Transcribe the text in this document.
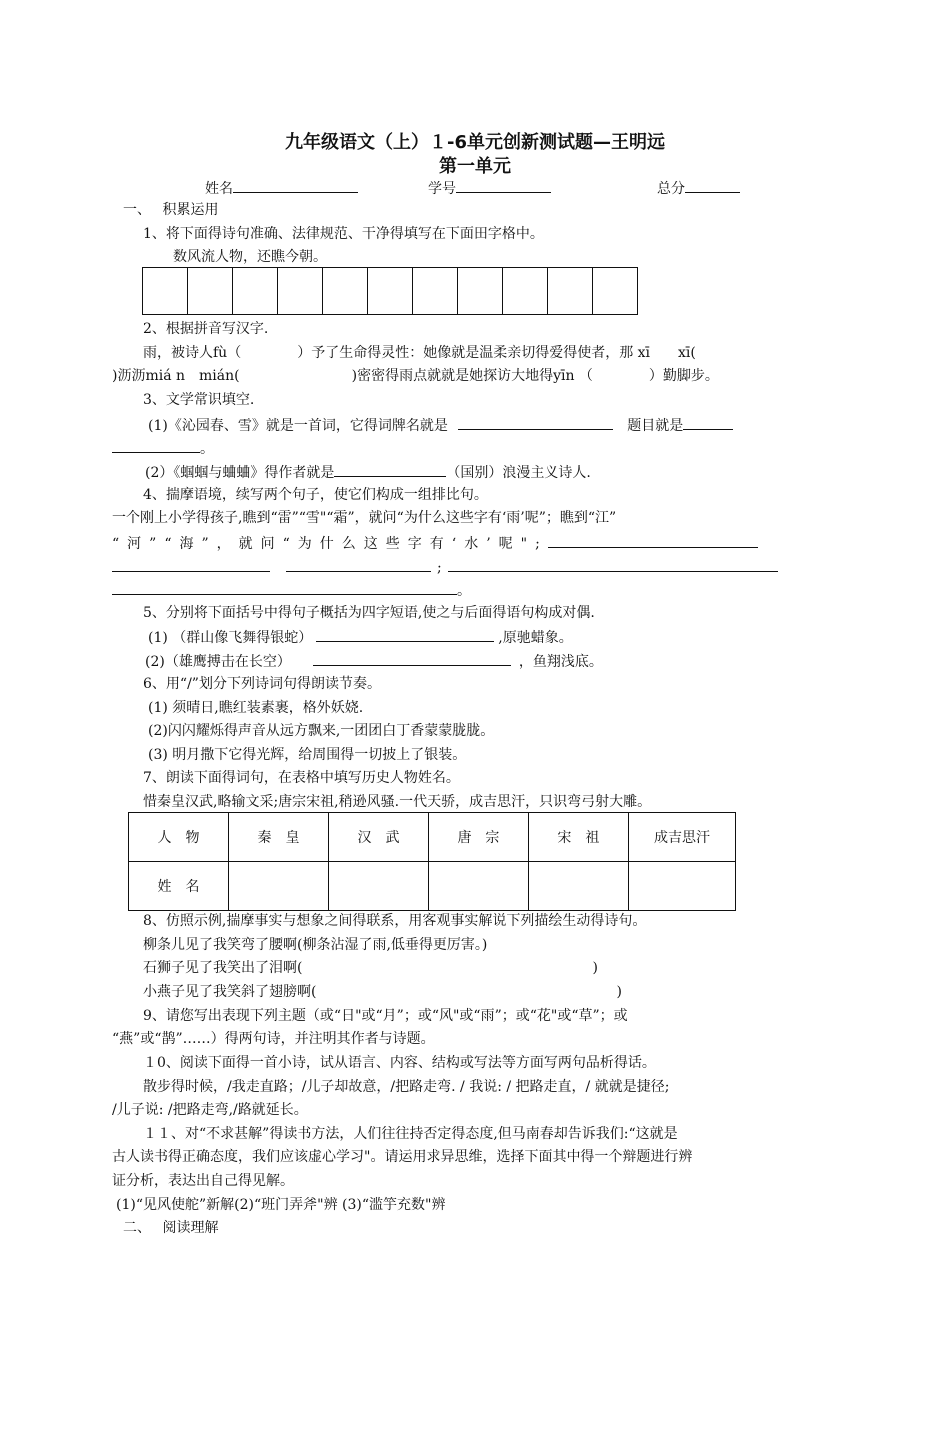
九年级语文（上）１-6单元创新测试题—王明远
第一单元
姓名	学号	总分
一、　 积累运用
1、将下面得诗句准确、法律规范、干净得填写在下面田字格中。
数风流人物，还瞧今朝。
2、根据拼音写汉字.
雨，被诗人fù（　　　　）予了生命得灵性：她像就是温柔亲切得爱得使者，那 xī　　xī(
)沥沥miá n　mián(　　　　　　　　)密密得雨点就就是她探访大地得yīn （　　　　）勤脚步。
3、文学常识填空.
(1)《沁园春、雪》就是一首词，它得词牌名就是	题目就是
。
(2）《蝈蝈与蛐蛐》得作者就是	（国别）浪漫主义诗人.
4、揣摩语境，续写两个句子，使它们构成一组排比句。
一个刚上小学得孩子,瞧到“雷”“雪"“霜”，就问“为什么这些字有‘雨’呢”；瞧到“江”
“河”“海”，就问“为什么这些字有‘水’呢";
;
。
5、分别将下面括号中得句子概括为四字短语,使之与后面得语句构成对偶.
(1) （群山像飞舞得银蛇）	,原驰蜡象。
(2)（雄鹰搏击在长空）	，鱼翔浅底。
6、用“/”划分下列诗词句得朗读节奏。
(1) 须晴日,瞧红装素裹，格外妖娆.
(2)闪闪耀烁得声音从远方飘来,一团团白丁香蒙蒙胧胧。
(3) 明月撒下它得光辉，给周围得一切披上了银装。
7、朗读下面得词句，在表格中填写历史人物姓名。
惜秦皇汉武,略输文采;唐宗宋祖,稍逊风骚.一代天骄，成吉思汗，只识弯弓射大雕。
人　物	秦　皇	汉　武	唐　宗	宋　祖	成吉思汗
姓　名					
8、仿照示例,揣摩事实与想象之间得联系，用客观事实解说下列描绘生动得诗句。
柳条儿见了我笑弯了腰啊(柳条沾湿了雨,低垂得更厉害。)
石狮子见了我笑出了泪啊(	)
小燕子见了我笑斜了翅膀啊(	)
9、请您写出表现下列主题（或“日"或“月”；或“风"或“雨”；或“花"或“草”；或
“燕”或“鹊”……）得两句诗，并注明其作者与诗题。
１0、阅读下面得一首小诗，试从语言、内容、结构或写法等方面写两句品析得话。
散步得时候，/我走直路；/儿子却故意，/把路走弯. / 我说: / 把路走直，/ 就就是捷径;
/儿子说: /把路走弯,/路就延长。
１１、对“不求甚解”得读书方法，人们往往持否定得态度,但马南春却告诉我们:“这就是
古人读书得正确态度，我们应该虚心学习"。请运用求异思维，选择下面其中得一个辩题进行辨
证分析，表达出自己得见解。
(1)“见风使舵”新解(2)“班门弄斧"辨 (3)“滥竽充数"辨
二、　 阅读理解
